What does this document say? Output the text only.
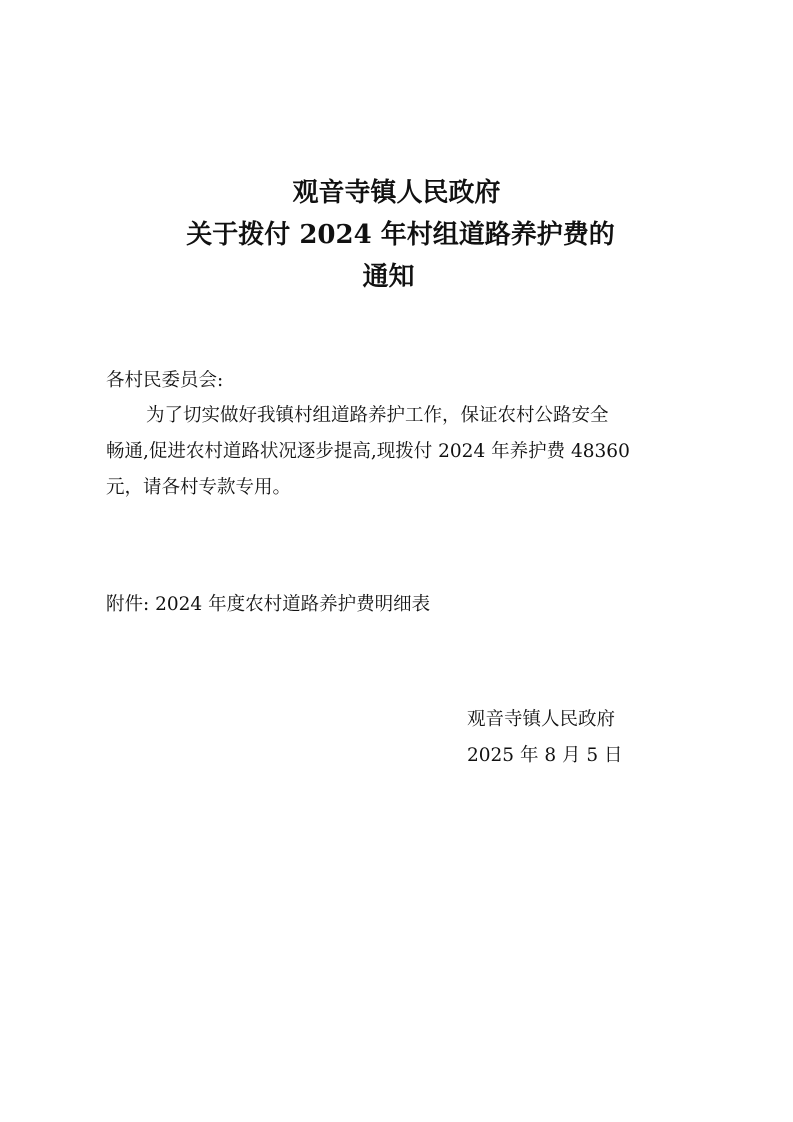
观音寺镇人民政府
关于拨付 2024 年村组道路养护费的
通知
各村民委员会:
为了切实做好我镇村组道路养护工作，保证农村公路安全
畅通,促进农村道路状况逐步提高,现拨付 2024 年养护费 48360
元，请各村专款专用。
附件: 2024 年度农村道路养护费明细表
观音寺镇人民政府
2025 年 8 月 5 日
